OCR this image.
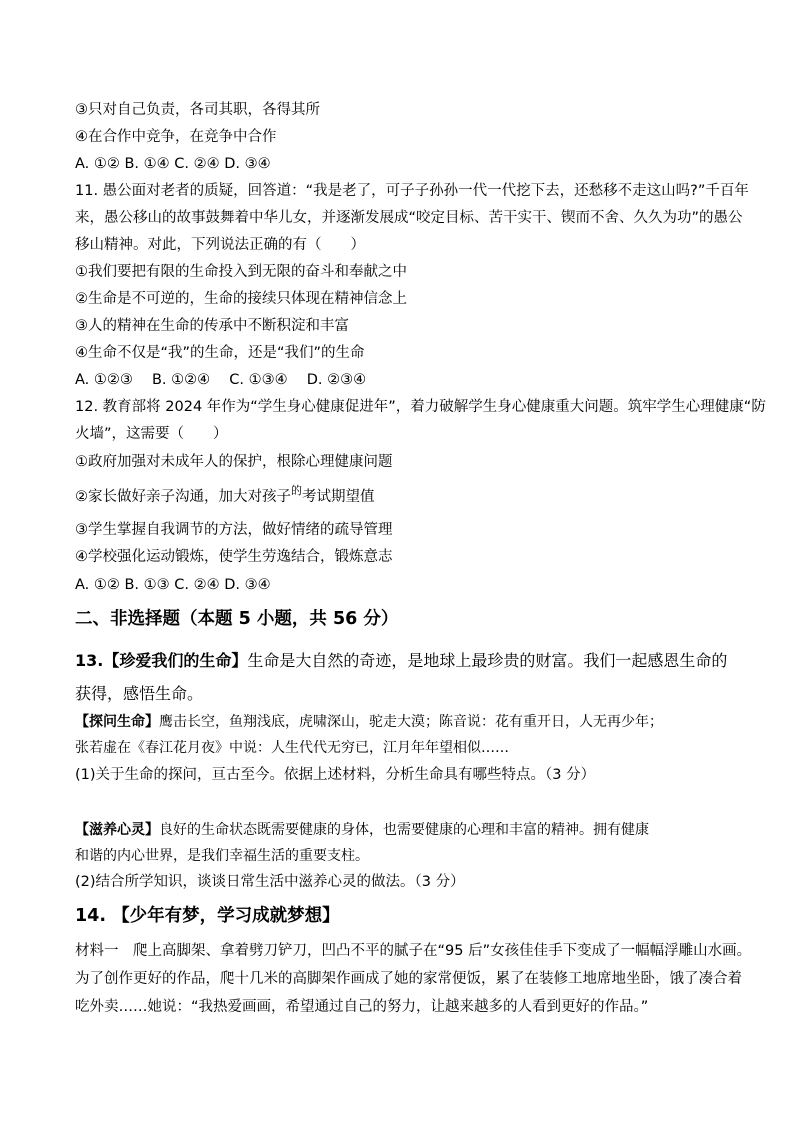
③只对自己负责，各司其职，各得其所
④在合作中竞争，在竞争中合作
A. ①② B. ①④ C. ②④ D. ③④
11. 愚公面对老者的质疑，回答道：“我是老了，可子子孙孙一代一代挖下去，还愁移不走这山吗?”千百年
来，愚公移山的故事鼓舞着中华儿女，并逐渐发展成“咬定目标、苦干实干、锲而不舍、久久为功”的愚公
移山精神。对此，下列说法正确的有（　　）
①我们要把有限的生命投入到无限的奋斗和奉献之中
②生命是不可逆的，生命的接续只体现在精神信念上
③人的精神在生命的传承中不断积淀和丰富
④生命不仅是“我”的生命，还是“我们”的生命
A. ①②③　 B. ①②④　 C. ①③④　 D. ②③④
12. 教育部将 2024 年作为“学生身心健康促进年”，着力破解学生身心健康重大问题。筑牢学生心理健康“防
火墙”，这需要（　　）
①政府加强对未成年人的保护，根除心理健康问题
②家长做好亲子沟通，加大对孩子$^的$考试期望值
③学生掌握自我调节的方法，做好情绪的疏导管理
④学校强化运动锻炼，使学生劳逸结合，锻炼意志
A. ①② B. ①③ C. ②④ D. ③④
二、非选择题（本题 5 小题，共 56 分）
13.【珍爱我们的生命】生命是大自然的奇迹，是地球上最珍贵的财富。我们一起感恩生命的
获得，感悟生命。
【探问生命】鹰击长空，鱼翔浅底，虎啸深山，驼走大漠；陈音说：花有重开日，人无再少年；
张若虚在《春江花月夜》中说：人生代代无穷已，江月年年望相似……
(1)关于生命的探问，亘古至今。依据上述材料，分析生命具有哪些特点。（3 分）
【滋养心灵】良好的生命状态既需要健康的身体，也需要健康的心理和丰富的精神。拥有健康
和谐的内心世界，是我们幸福生活的重要支柱。
(2)结合所学知识，谈谈日常生活中滋养心灵的做法。（3 分）
14. 【少年有梦，学习成就梦想】
材料一　爬上高脚架、拿着劈刀铲刀，凹凸不平的腻子在“95 后”女孩佳佳手下变成了一幅幅浮雕山水画。
为了创作更好的作品，爬十几米的高脚架作画成了她的家常便饭，累了在装修工地席地坐卧，饿了凑合着
吃外卖……她说：“我热爱画画，希望通过自己的努力，让越来越多的人看到更好的作品。”
